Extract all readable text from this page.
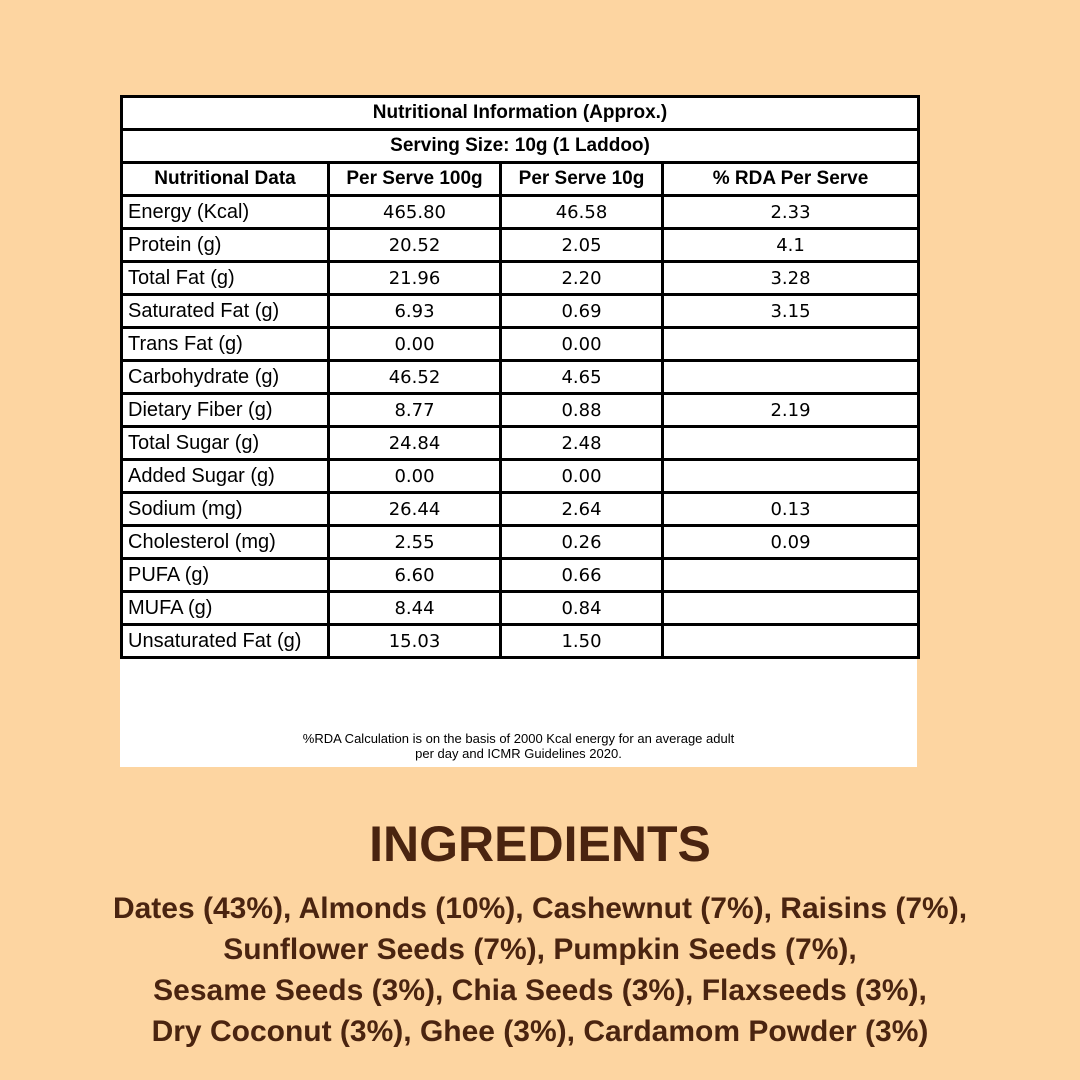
Nutritional Information (Approx.)			
Serving Size: 10g (1 Laddoo)			
Nutritional Data	Per Serve 100g	Per Serve 10g	% RDA Per Serve
Energy (Kcal)	465.80	46.58	2.33
Protein (g)	20.52	2.05	4.1
Total Fat (g)	21.96	2.20	3.28
Saturated Fat (g)	6.93	0.69	3.15
Trans Fat (g)	0.00	0.00	
Carbohydrate (g)	46.52	4.65	
Dietary Fiber (g)	8.77	0.88	2.19
Total Sugar (g)	24.84	2.48	
Added Sugar (g)	0.00	0.00	
Sodium (mg)	26.44	2.64	0.13
Cholesterol (mg)	2.55	0.26	0.09
PUFA (g)	6.60	0.66	
MUFA (g)	8.44	0.84	
Unsaturated Fat (g)	15.03	1.50	
%RDA Calculation is on the basis of 2000 Kcal energy for an average adult
per day and ICMR Guidelines 2020.
INGREDIENTS
Dates (43%), Almonds (10%), Cashewnut (7%), Raisins (7%),
Sunflower Seeds (7%), Pumpkin Seeds (7%),
Sesame Seeds (3%), Chia Seeds (3%), Flaxseeds (3%),
Dry Coconut (3%), Ghee (3%), Cardamom Powder (3%)
